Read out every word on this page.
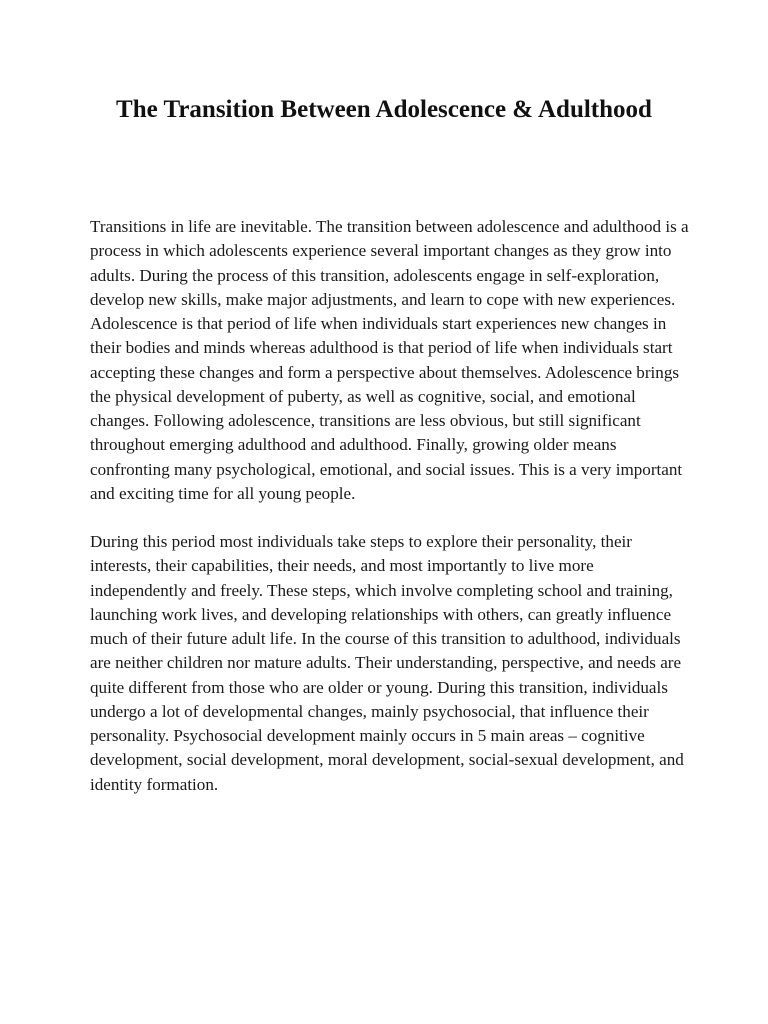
The Transition Between Adolescence & Adulthood

Transitions in life are inevitable. The transition between adolescence and adulthood is a process in which adolescents experience several important changes as they grow into adults. During the process of this transition, adolescents engage in self-exploration, develop new skills, make major adjustments, and learn to cope with new experiences. Adolescence is that period of life when individuals start experiences new changes in their bodies and minds whereas adulthood is that period of life when individuals start accepting these changes and form a perspective about themselves. Adolescence brings the physical development of puberty, as well as cognitive, social, and emotional changes. Following adolescence, transitions are less obvious, but still significant throughout emerging adulthood and adulthood. Finally, growing older means confronting many psychological, emotional, and social issues. This is a very important and exciting time for all young people.

During this period most individuals take steps to explore their personality, their interests, their capabilities, their needs, and most importantly to live more independently and freely. These steps, which involve completing school and training, launching work lives, and developing relationships with others, can greatly influence much of their future adult life. In the course of this transition to adulthood, individuals are neither children nor mature adults. Their understanding, perspective, and needs are quite different from those who are older or young. During this transition, individuals undergo a lot of developmental changes, mainly psychosocial, that influence their personality. Psychosocial development mainly occurs in 5 main areas – cognitive development, social development, moral development, social-sexual development, and identity formation.
